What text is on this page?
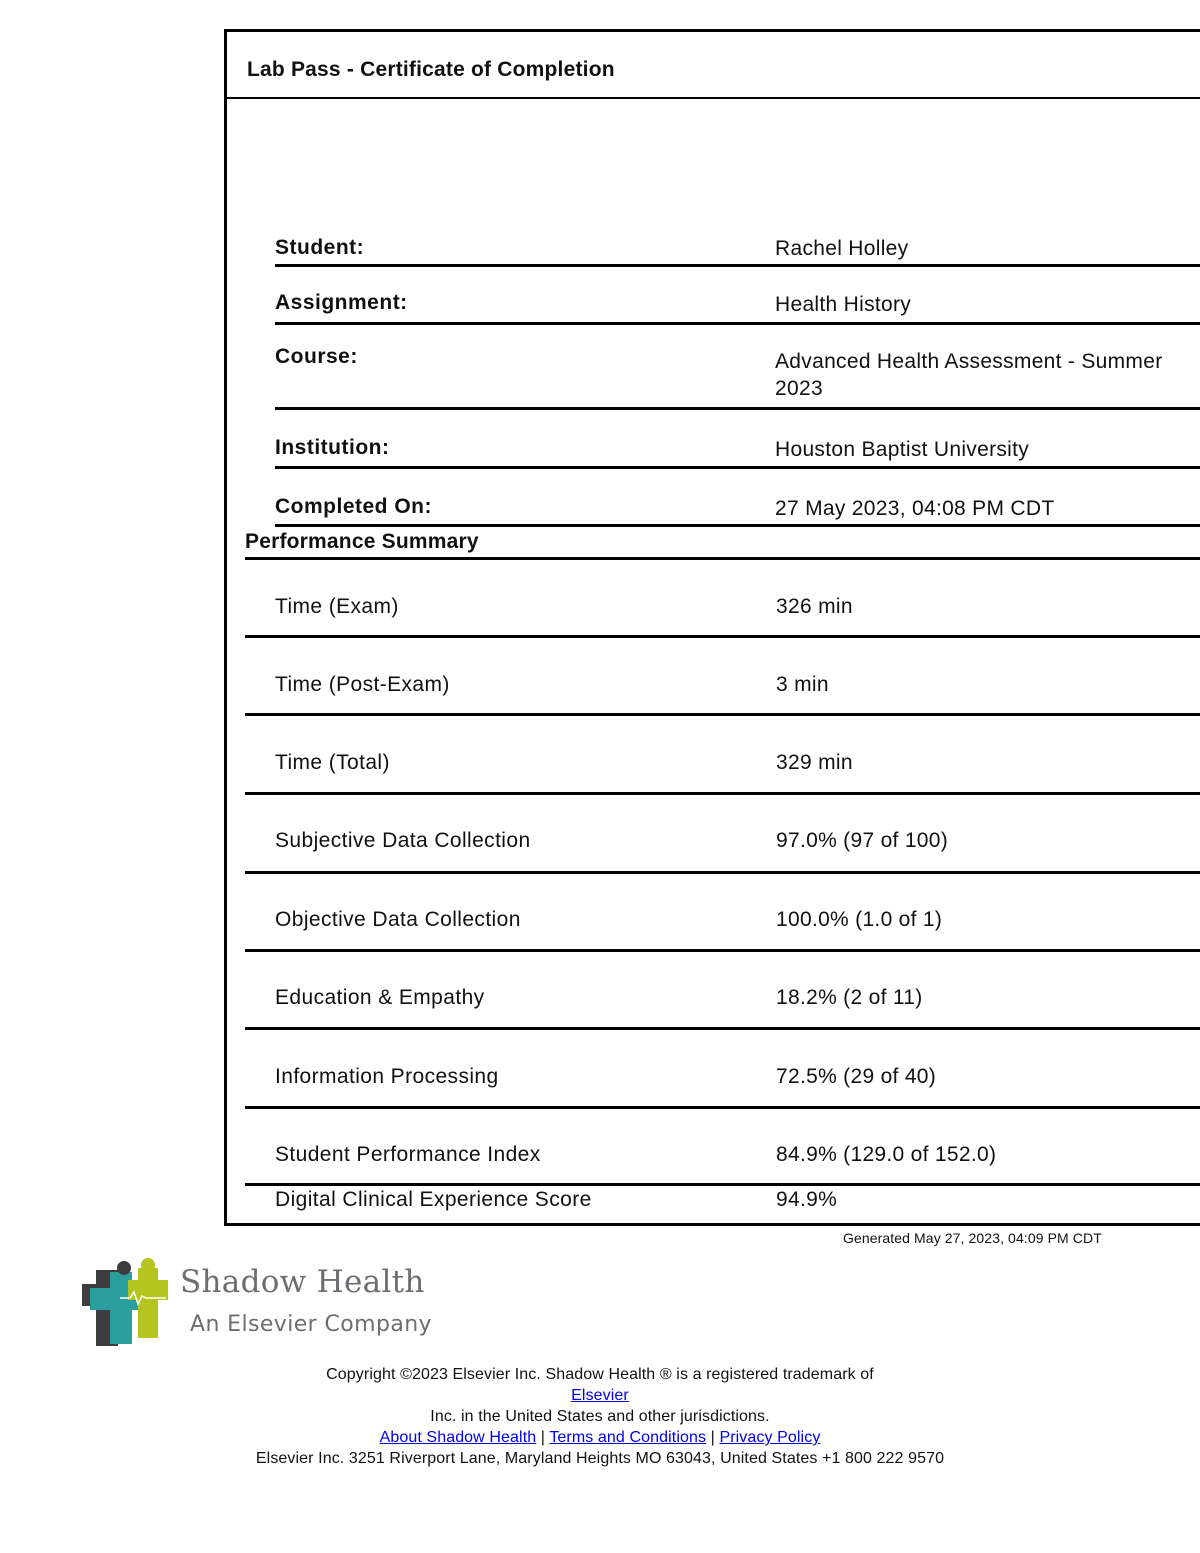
Lab Pass - Certificate of Completion
Student:	Rachel Holley
Assignment:	Health History
Course:	Advanced Health Assessment - Summer 2023
Institution:	Houston Baptist University
Completed On:	27 May 2023, 04:08 PM CDT
Performance Summary
Time (Exam)	326 min
Time (Post-Exam)	3 min
Time (Total)	329 min
Subjective Data Collection	97.0% (97 of 100)
Objective Data Collection	100.0% (1.0 of 1)
Education & Empathy	18.2% (2 of 11)
Information Processing	72.5% (29 of 40)
Student Performance Index	84.9% (129.0 of 152.0)
Digital Clinical Experience Score	94.9%
Generated May 27, 2023, 04:09 PM CDT
Shadow Health
An Elsevier Company
Copyright ©2023 Elsevier Inc. Shadow Health ® is a registered trademark of
Elsevier
Inc. in the United States and other jurisdictions.
About Shadow Health | Terms and Conditions | Privacy Policy
Elsevier Inc. 3251 Riverport Lane, Maryland Heights MO 63043, United States +1 800 222 9570
